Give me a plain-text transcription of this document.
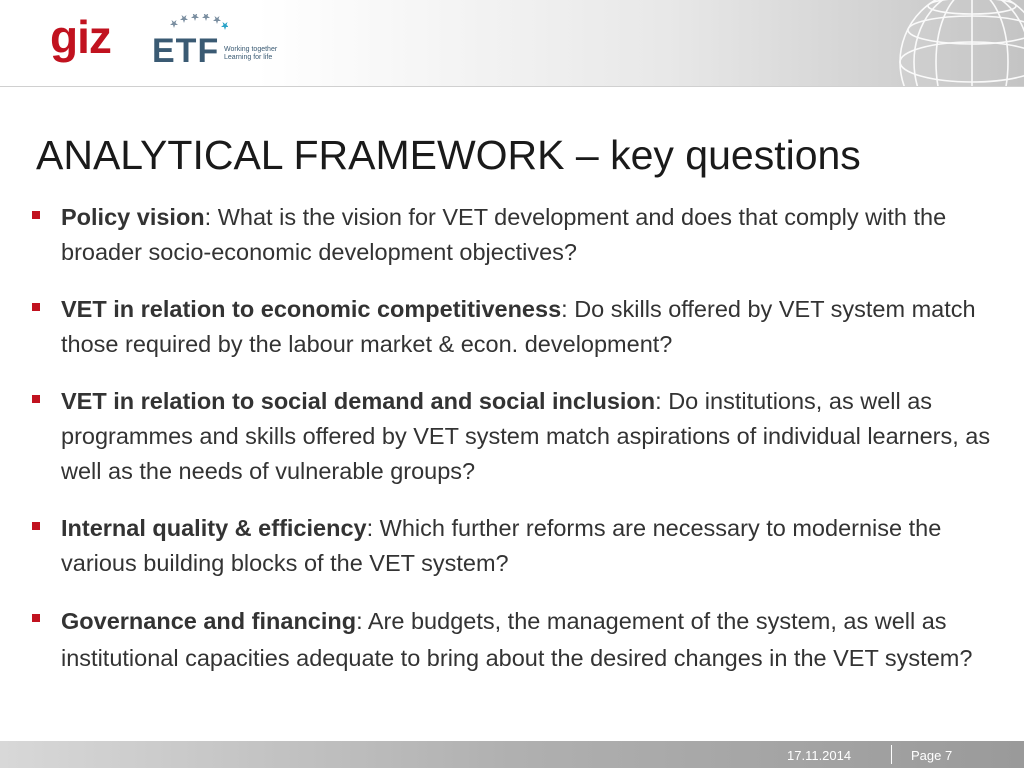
giz ETF Working together
Learning for life
ANALYTICAL FRAMEWORK – key questions
Policy vision: What is the vision for VET development and does that comply with the broader socio-economic development objectives?
VET in relation to economic competitiveness: Do skills offered by VET system match those required by the labour market & econ. development?
VET in relation to social demand and social inclusion: Do institutions, as well as programmes and skills offered by VET system match aspirations of individual learners, as well as the needs of vulnerable groups?
Internal quality & efficiency: Which further reforms are necessary to modernise the various building blocks of the VET system?
Governance and financing: Are budgets, the management of the system, as well as institutional capacities adequate to bring about the desired changes in the VET system?
17.11.2014	Page 7
